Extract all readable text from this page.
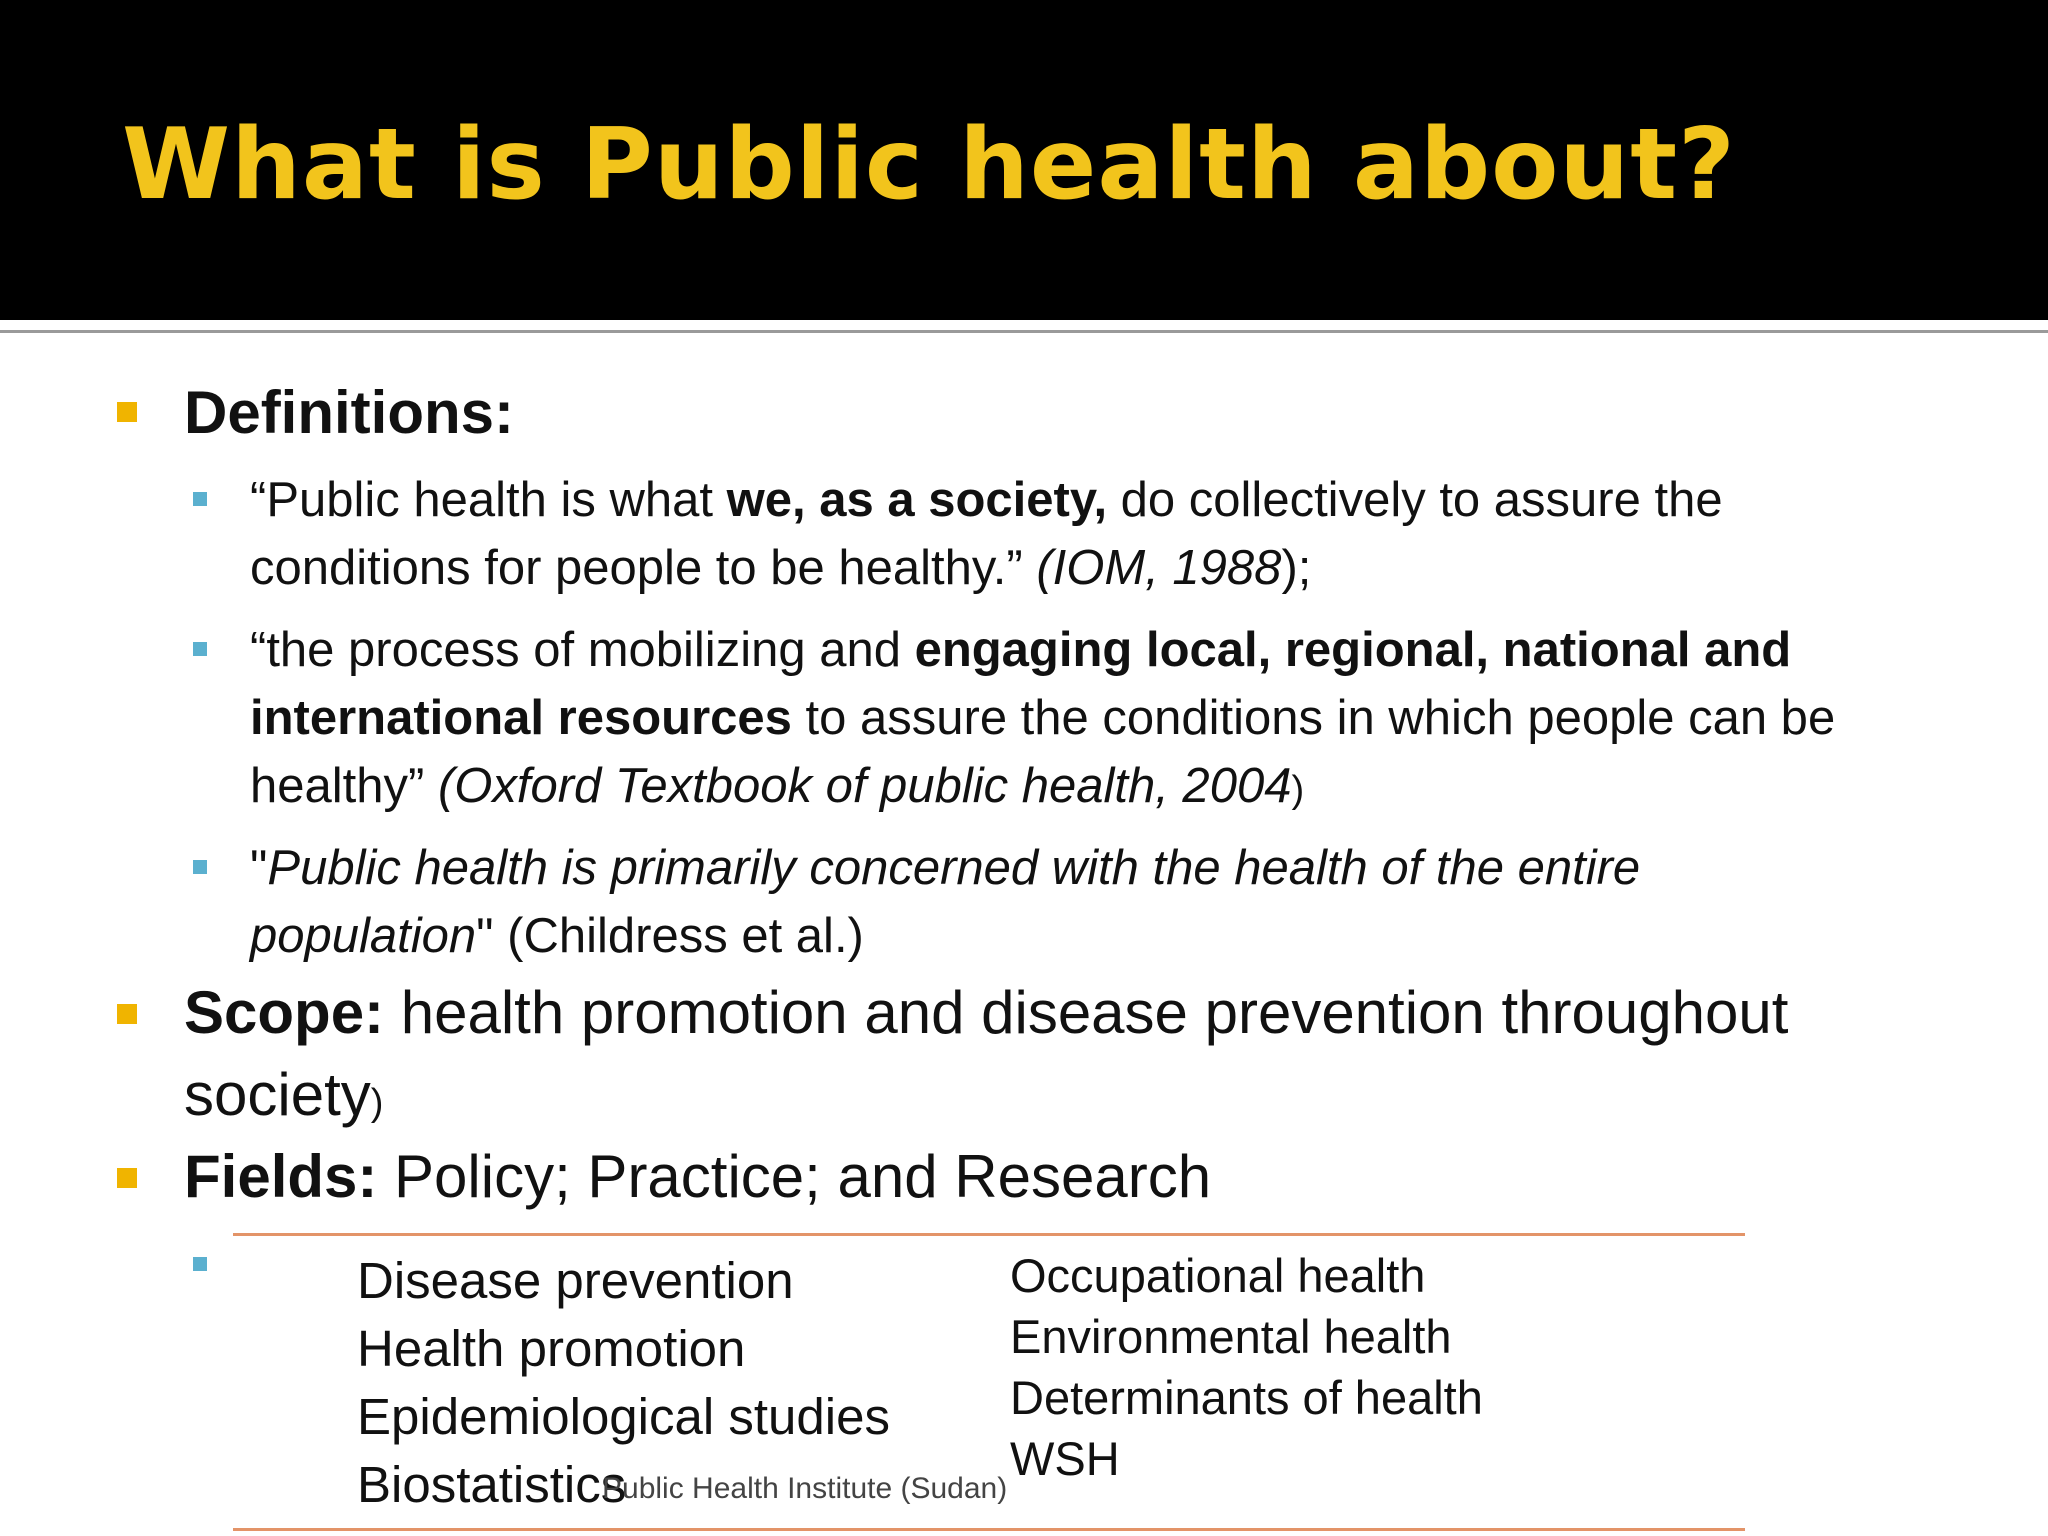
What is Public health about?
Definitions:
“Public health is what we, as a society, do collectively to assure the
conditions for people to be healthy.” (IOM, 1988);
“the process of mobilizing and engaging local, regional, national and
international resources to assure the conditions in which people can be
healthy” (Oxford Textbook of public health, 2004)
"Public health is primarily concerned with the health of the entire
population" (Childress et al.)
Scope: health promotion and disease prevention throughout
society)
Fields: Policy; Practice; and Research
Disease prevention
Health promotion
Epidemiological studies
Biostatistics
Occupational health
Environmental health
Determinants of health
WSH
Public Health Institute (Sudan)
